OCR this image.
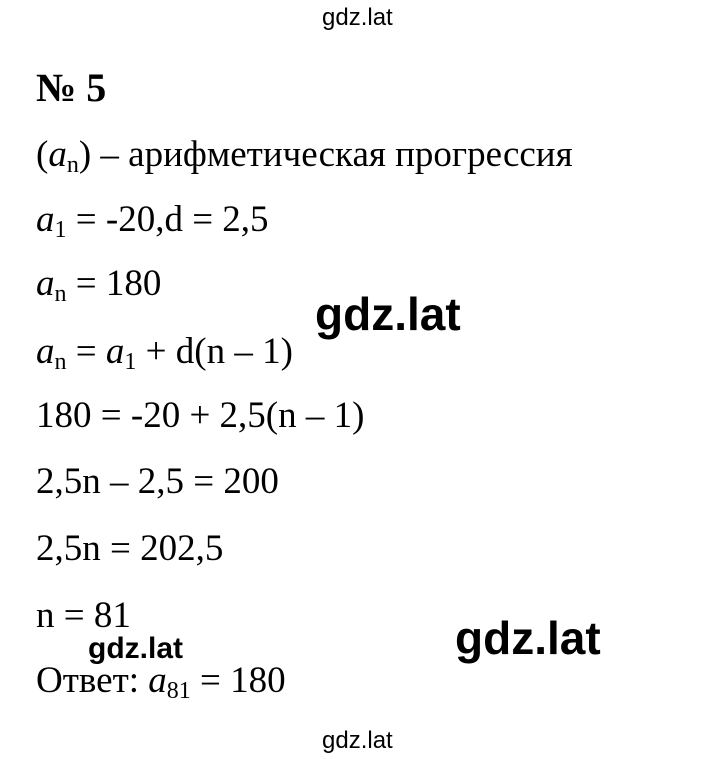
gdz.lat
№ 5
$(a_n)$ – арифметическая прогрессия
$a_1 = -20,d = 2,5$
$a_n = 180$
$a_n = a_1 + d(n - 1)$
180 = -20 + 2,5(n – 1)
2,5n – 2,5 = 200
2,5n = 202,5
n = 81
Ответ: $a_{81} = 180$
gdz.lat
gdz.lat
gdz.lat
gdz.lat
